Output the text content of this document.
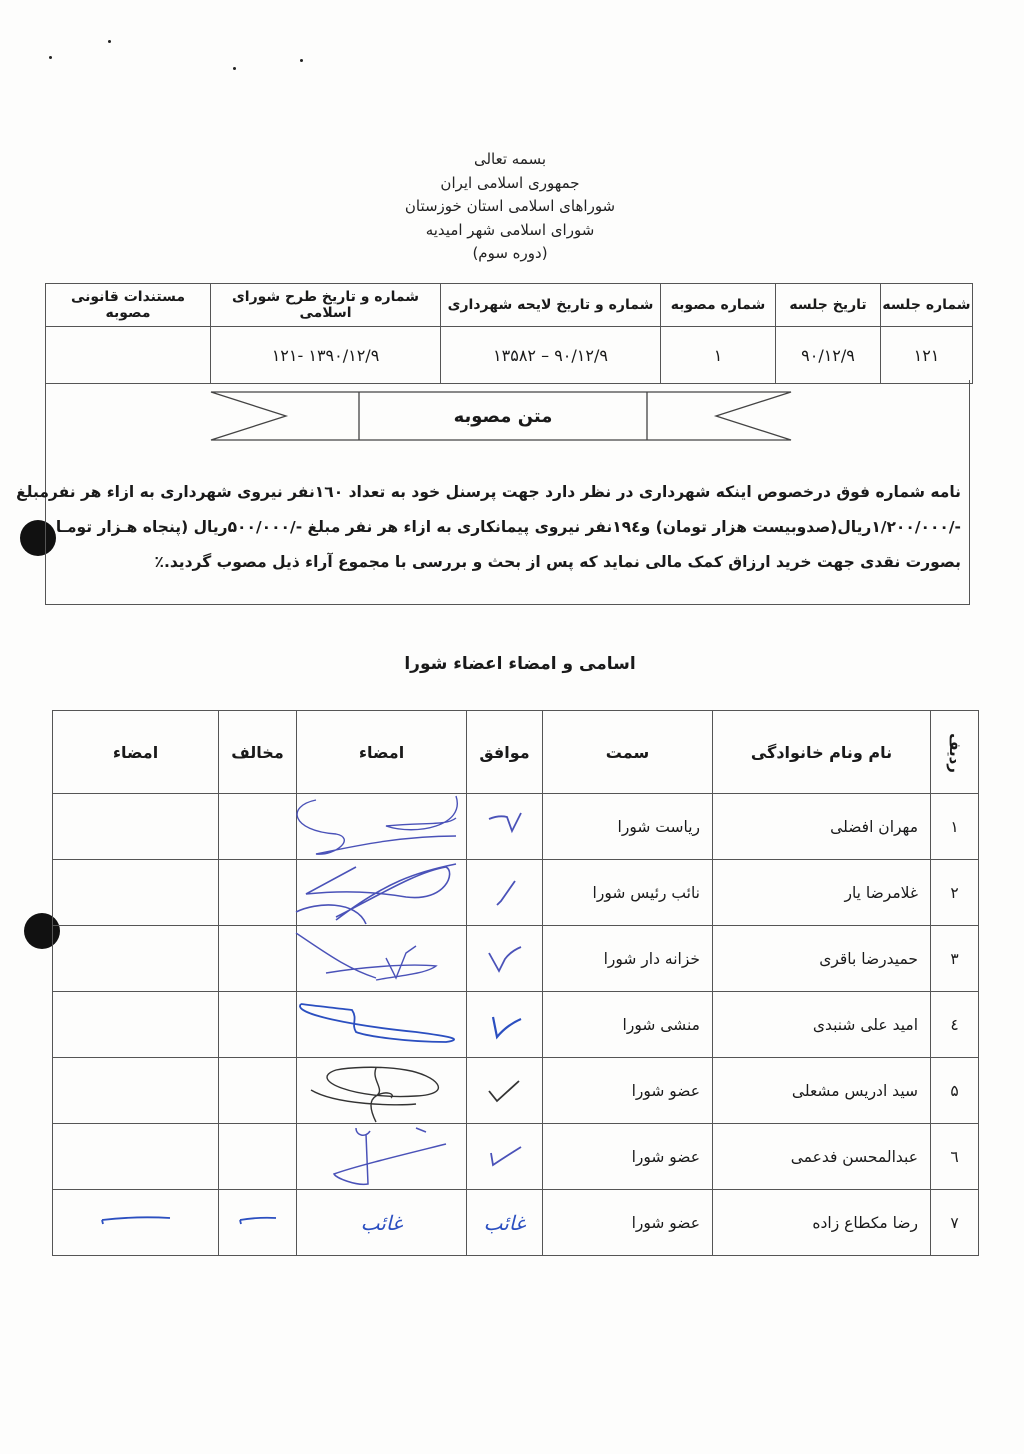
بسمه تعالی
جمهوری اسلامی ایران
شوراهای اسلامی استان خوزستان
شورای اسلامی شهر امیدیه
(دوره سوم)
شماره جلسه	تاریخ جلسه	شماره مصوبه	شماره و تاریخ لایحه شهرداری	شماره و تاریخ طرح شورای اسلامی	مستندات قانونی مصوبه
۱۲۱	۹۰/۱۲/۹	۱	۹۰/۱۲/۹ – ۱۳۵۸۲	۱۳۹۰/۱۲/۹ -۱۲۱	
متن مصوبه
نامه شماره فوق درخصوص اینکه شهرداری در نظر دارد جهت پرسنل خود به تعداد ۱٦۰نفر نیروی شهرداری به ازاء هر نفرمبلغ
-/۱/۲۰۰/۰۰۰ریال(صدوبیست هزار تومان) و۱۹٤نفر نیروی پیمانکاری به ازاء هر نفر مبلغ -/۵۰۰/۰۰۰ریال (پنجاه هـزار تومـا
بصورت نقدی جهت خرید ارزاق کمک مالی نماید که پس از بحث و بررسی با مجموع آراء ذیل مصوب گردید.٪
اسامی و امضاء اعضاء شورا
ردیف	نام ونام خانوادگی	سمت	موافق	امضاء	مخالف	امضاء
۱	مهران افضلی	ریاست شورا	

۲	غلامرضا یار	نائب رئیس شورا	

۳	حمیدرضا باقری	خزانه دار شورا	

٤	امید علی شنبدی	منشی شورا	

۵	سید ادریس مشعلی	عضو شورا	

٦	عبدالمحسن فدعمی	عضو شورا	

۷	رضا مکطاع زاده	عضو شورا	غائب	غائب		
